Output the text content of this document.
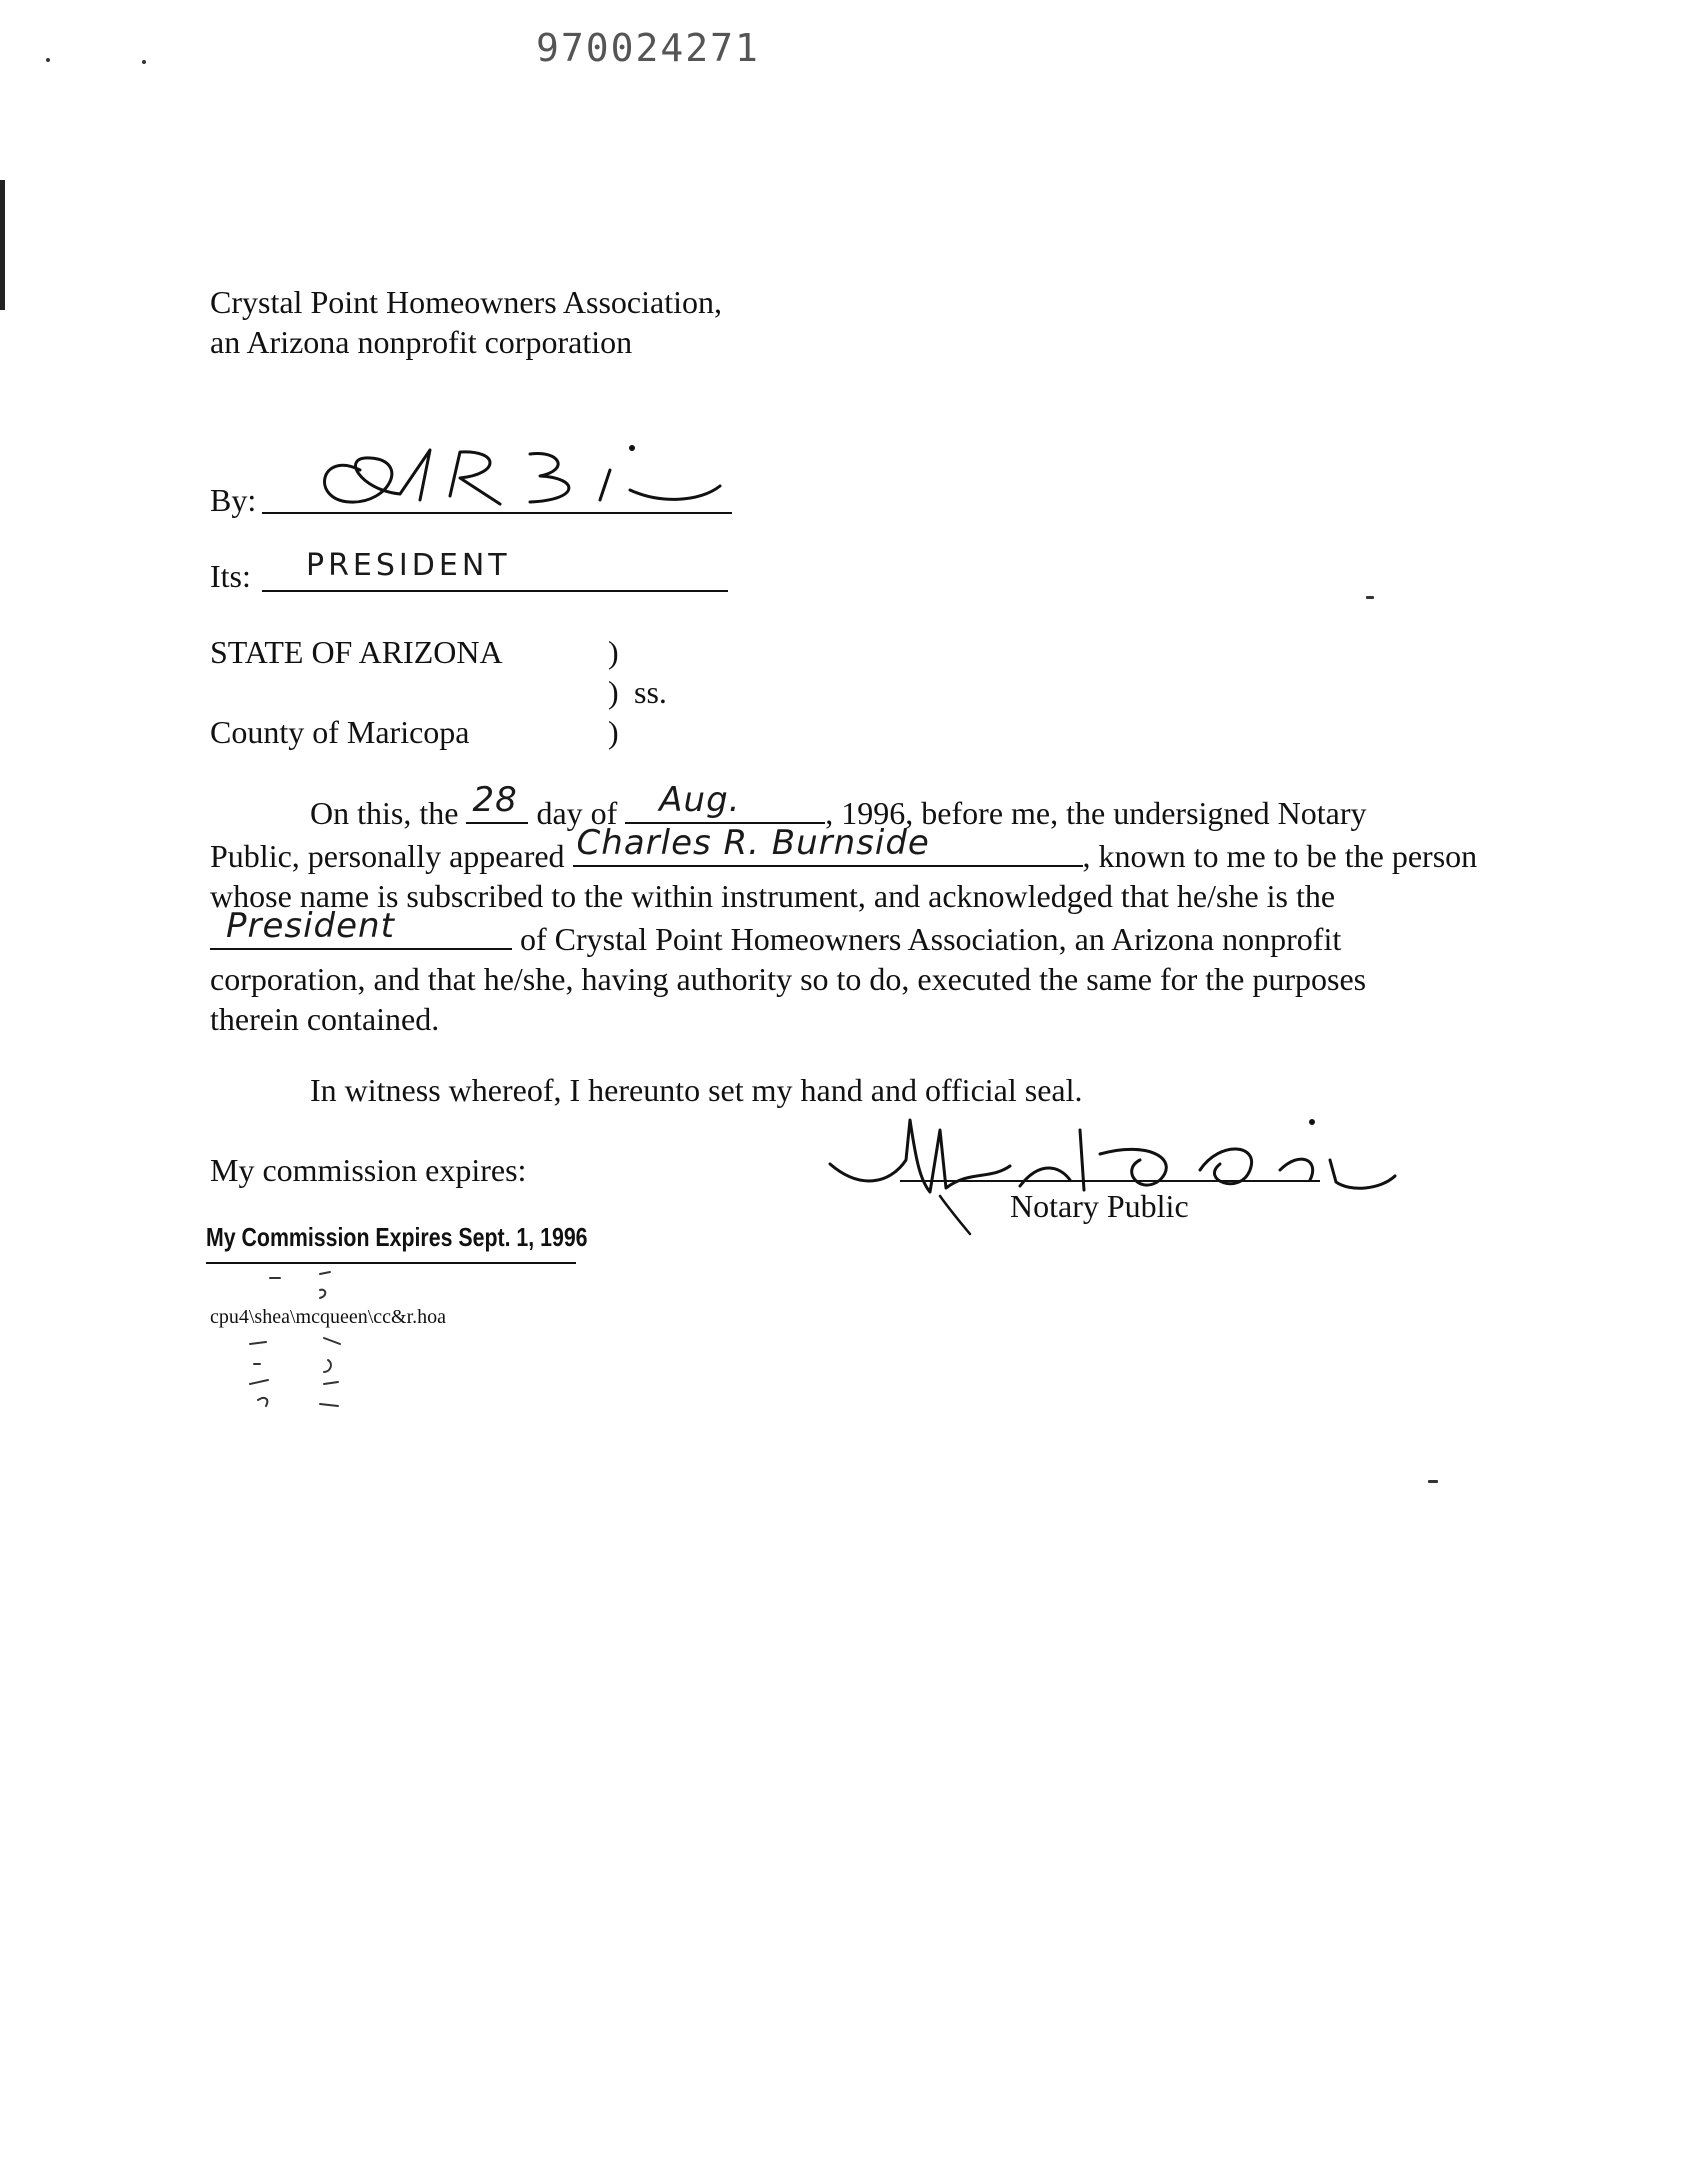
970024271
Crystal Point Homeowners Association,
an Arizona nonprofit corporation
By:
Its: PRESIDENT
STATE OF ARIZONA	)
) ss.
County of Maricopa	)
On this, the 28 day of Aug.	, 1996, before me, the undersigned Notary
Public, personally appeared Charles R. Burnside	, known to me to be the person
whose name is subscribed to the within instrument, and acknowledged that he/she is the
President	of Crystal Point Homeowners Association, an Arizona nonprofit
corporation, and that he/she, having authority so to do, executed the same for the purposes
therein contained.
In witness whereof, I hereunto set my hand and official seal.
My commission expires:
My Commission Expires Sept. 1, 1996
Notary Public
cpu4\shea\mcqueen\cc&r.hoa
